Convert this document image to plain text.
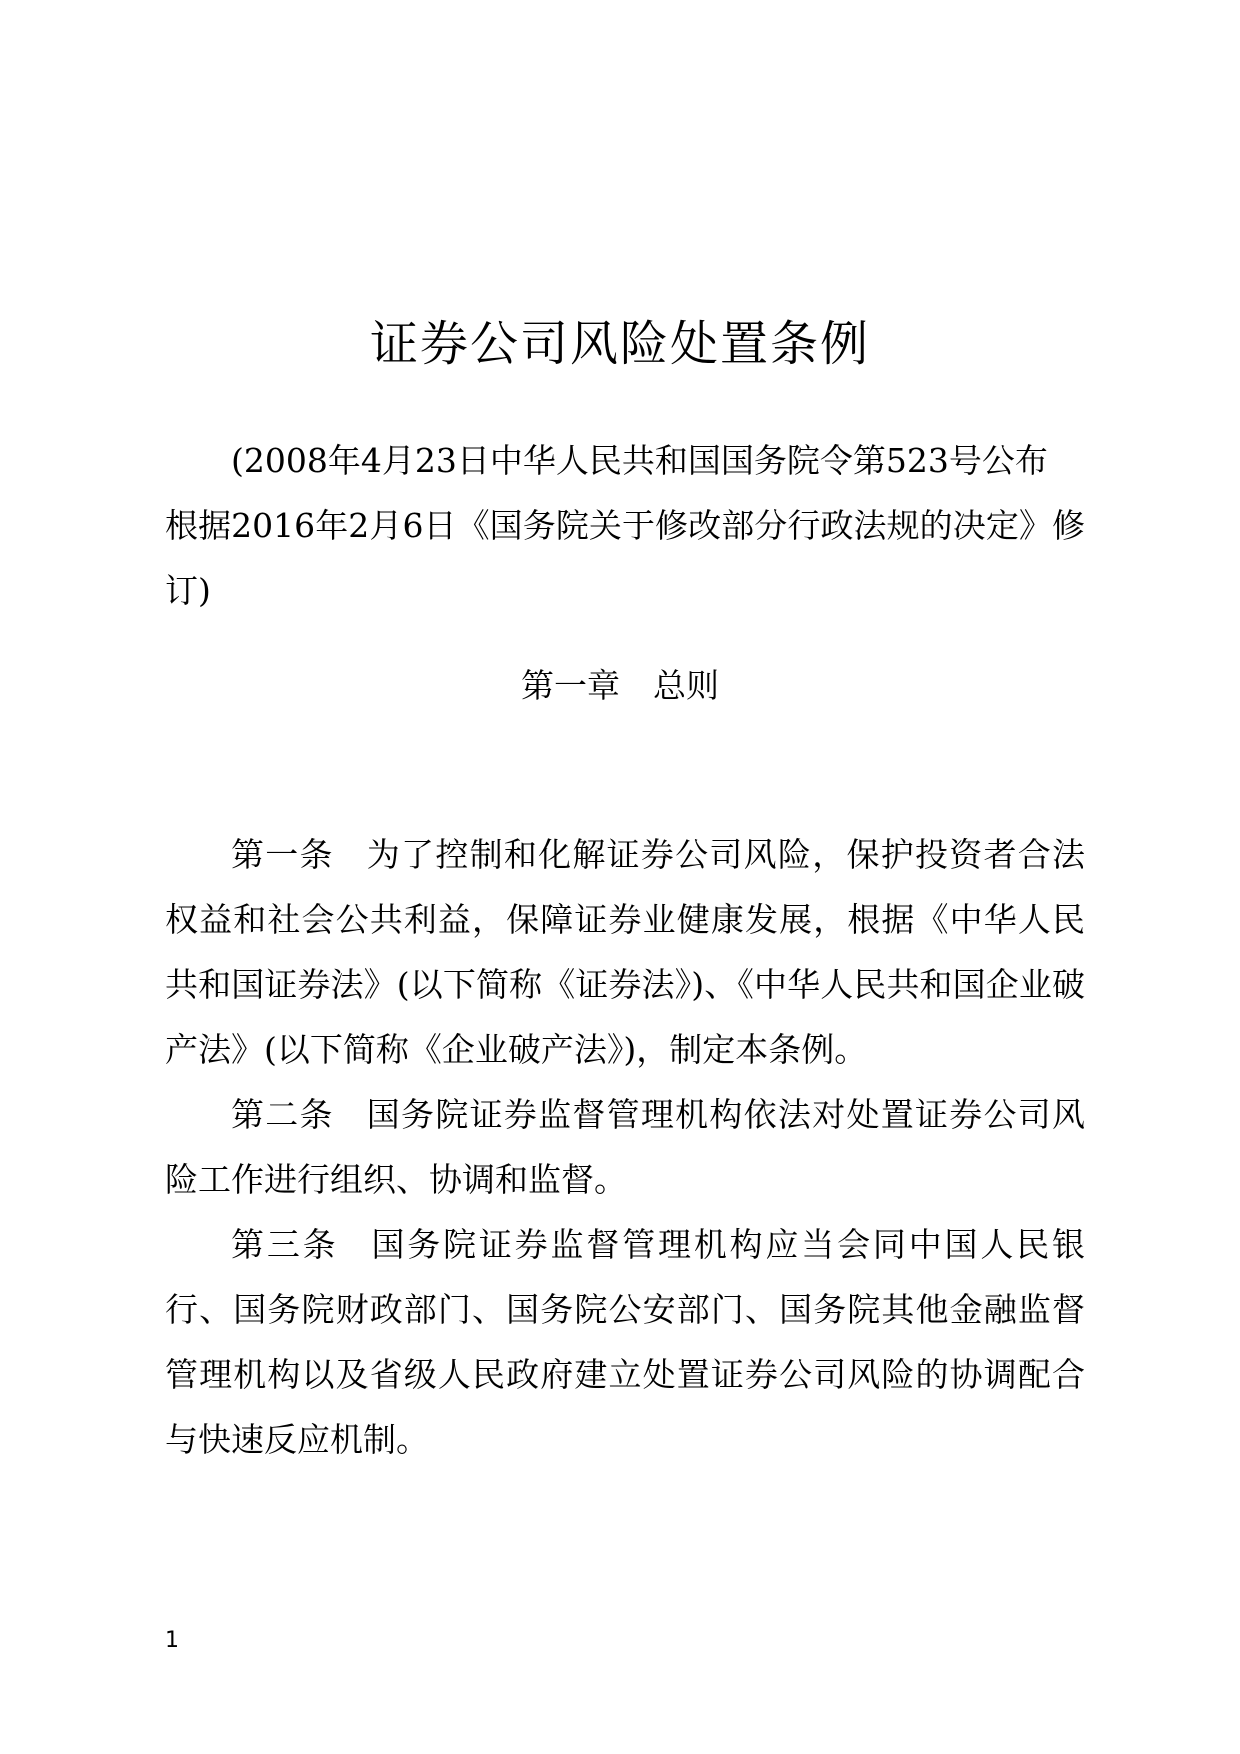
证券公司风险处置条例
(2008年4月23日中华人民共和国国务院令第523号公布
根据2016年2月6日《国务院关于修改部分行政法规的决定》修订)
第一章　总则

第一条 为了控制和化解证券公司风险，保护投资者合法权益和社会公共利益，保障证券业健康发展，根据《中华人民共和国证券法》(以下简称《证券法》)、《中华人民共和国企业破产法》(以下简称《企业破产法》)，制定本条例。

第二条 国务院证券监督管理机构依法对处置证券公司风险工作进行组织、协调和监督。

第三条 国务院证券监督管理机构应当会同中国人民银行、国务院财政部门、国务院公安部门、国务院其他金融监督管理机构以及省级人民政府建立处置证券公司风险的协调配合与快速反应机制。

1
